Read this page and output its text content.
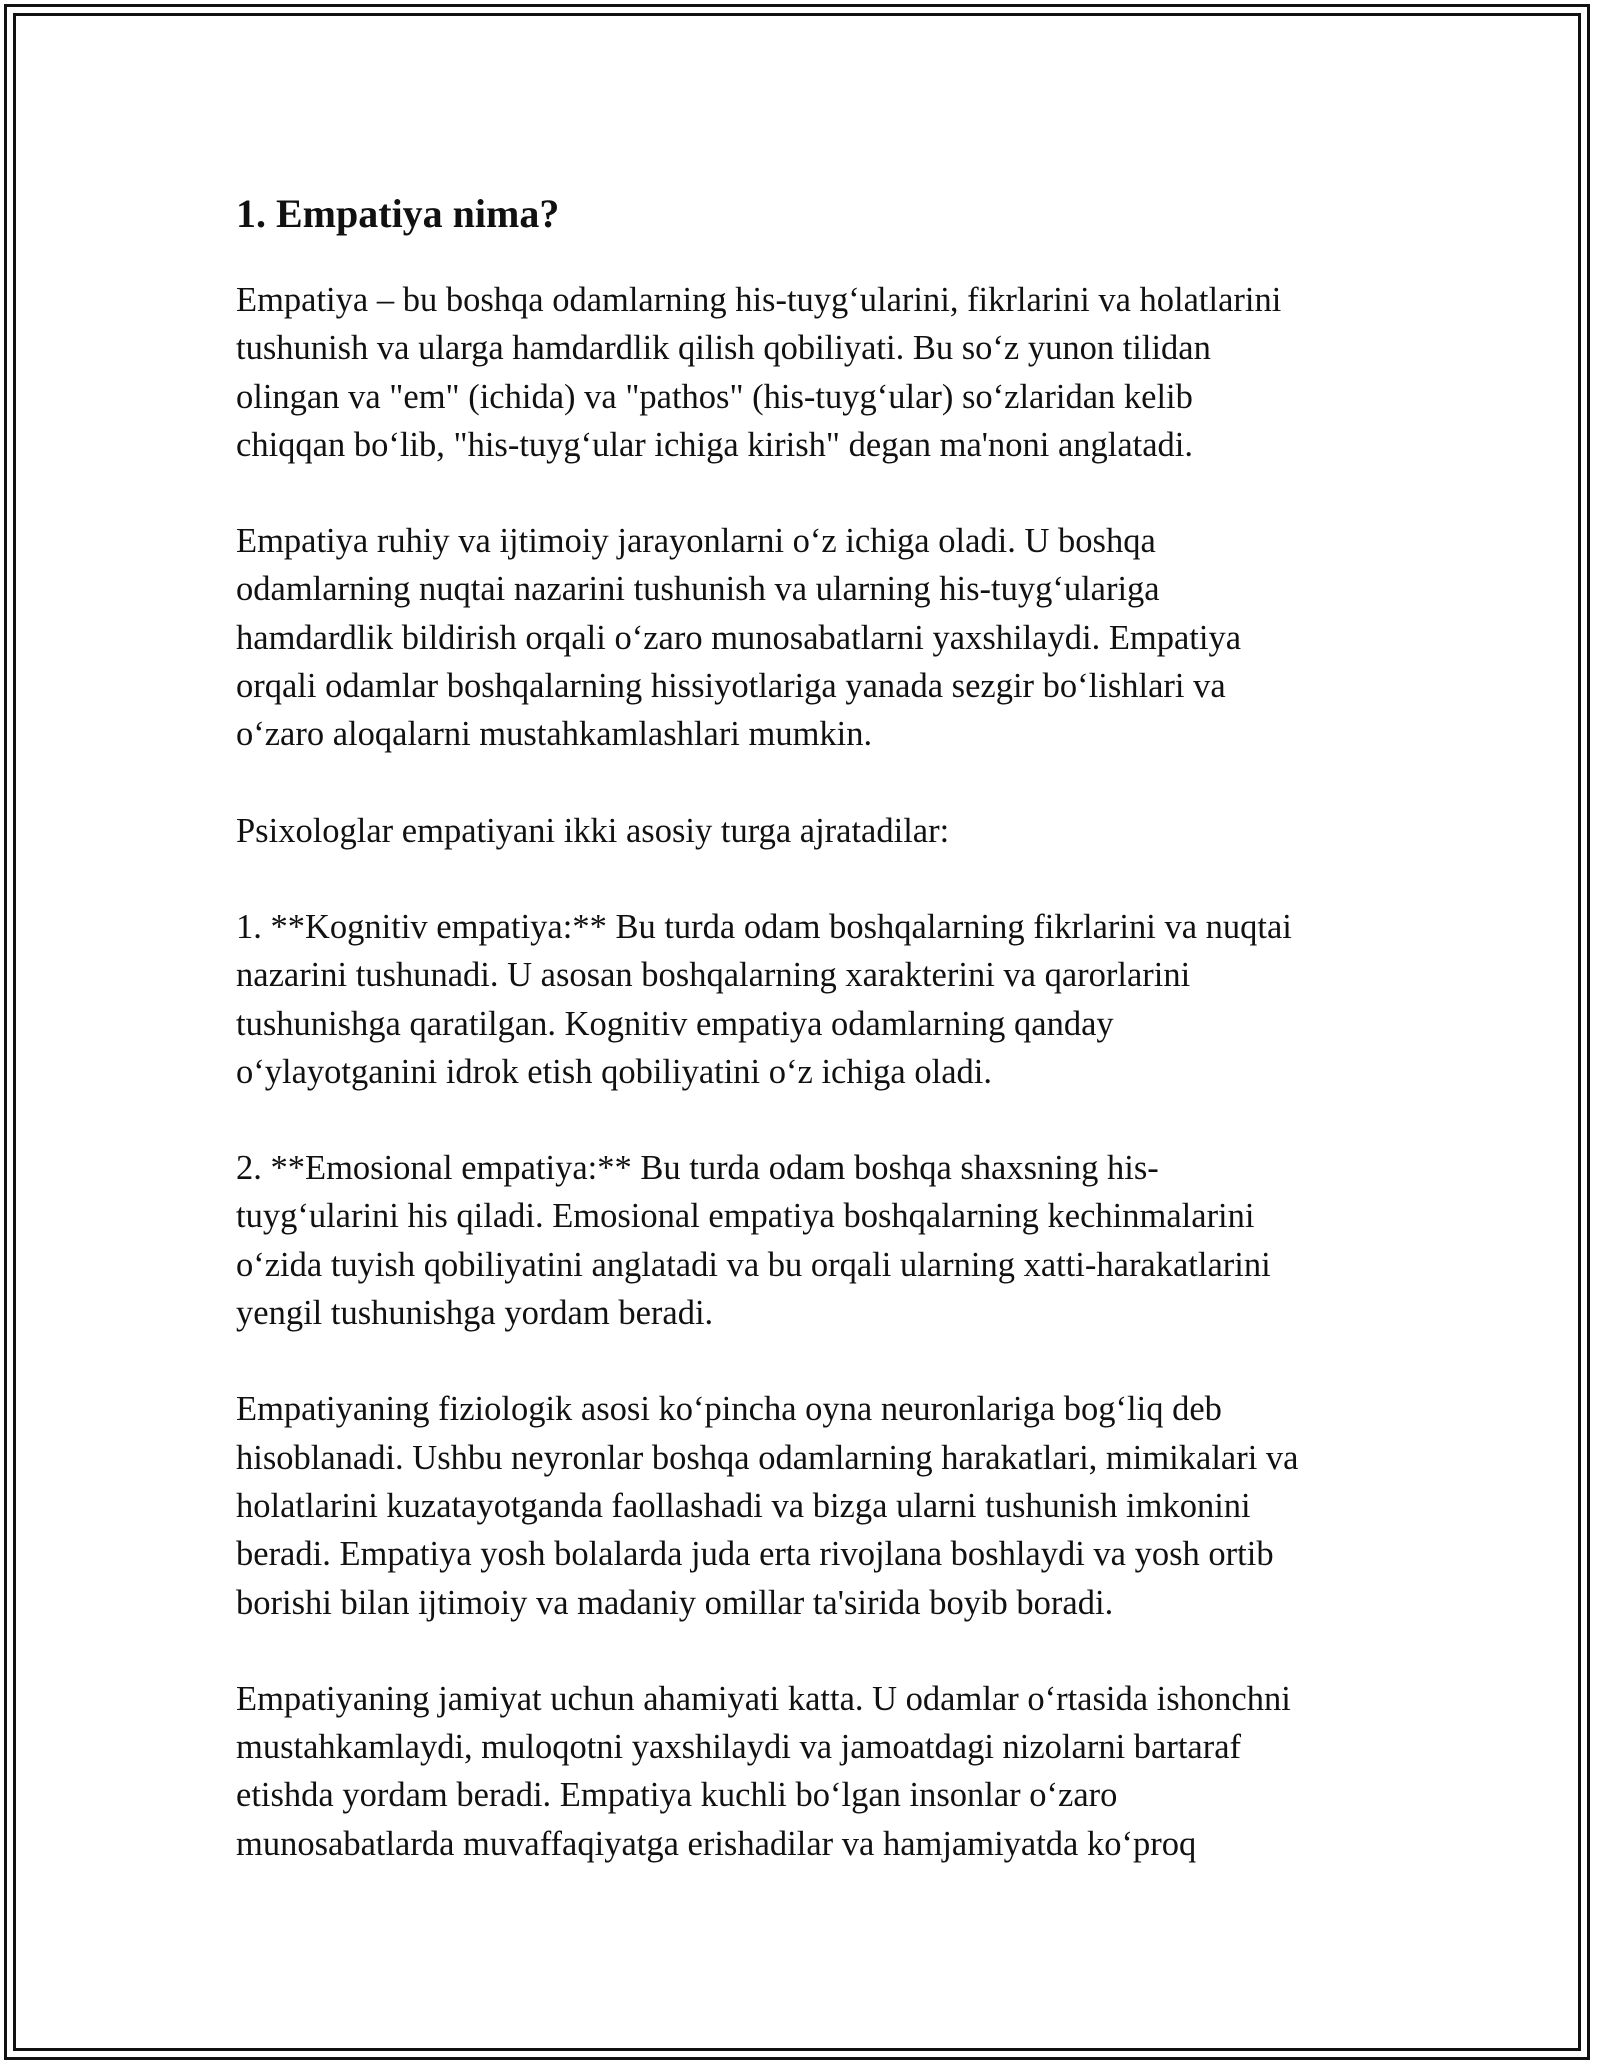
1. Empatiya nima?

Empatiya – bu boshqa odamlarning his-tuyg‘ularini, fikrlarini va holatlarini
tushunish va ularga hamdardlik qilish qobiliyati. Bu so‘z yunon tilidan
olingan va "em" (ichida) va "pathos" (his-tuyg‘ular) so‘zlaridan kelib
chiqqan bo‘lib, "his-tuyg‘ular ichiga kirish" degan ma'noni anglatadi.

Empatiya ruhiy va ijtimoiy jarayonlarni o‘z ichiga oladi. U boshqa
odamlarning nuqtai nazarini tushunish va ularning his-tuyg‘ulariga
hamdardlik bildirish orqali o‘zaro munosabatlarni yaxshilaydi. Empatiya
orqali odamlar boshqalarning hissiyotlariga yanada sezgir bo‘lishlari va
o‘zaro aloqalarni mustahkamlashlari mumkin.

Psixologlar empatiyani ikki asosiy turga ajratadilar:

1. **Kognitiv empatiya:** Bu turda odam boshqalarning fikrlarini va nuqtai
nazarini tushunadi. U asosan boshqalarning xarakterini va qarorlarini
tushunishga qaratilgan. Kognitiv empatiya odamlarning qanday
o‘ylayotganini idrok etish qobiliyatini o‘z ichiga oladi.

2. **Emosional empatiya:** Bu turda odam boshqa shaxsning his-
tuyg‘ularini his qiladi. Emosional empatiya boshqalarning kechinmalarini
o‘zida tuyish qobiliyatini anglatadi va bu orqali ularning xatti-harakatlarini
yengil tushunishga yordam beradi.

Empatiyaning fiziologik asosi ko‘pincha oyna neuronlariga bog‘liq deb
hisoblanadi. Ushbu neyronlar boshqa odamlarning harakatlari, mimikalari va
holatlarini kuzatayotganda faollashadi va bizga ularni tushunish imkonini
beradi. Empatiya yosh bolalarda juda erta rivojlana boshlaydi va yosh ortib
borishi bilan ijtimoiy va madaniy omillar ta'sirida boyib boradi.

Empatiyaning jamiyat uchun ahamiyati katta. U odamlar o‘rtasida ishonchni
mustahkamlaydi, muloqotni yaxshilaydi va jamoatdagi nizolarni bartaraf
etishda yordam beradi. Empatiya kuchli bo‘lgan insonlar o‘zaro
munosabatlarda muvaffaqiyatga erishadilar va hamjamiyatda ko‘proq
